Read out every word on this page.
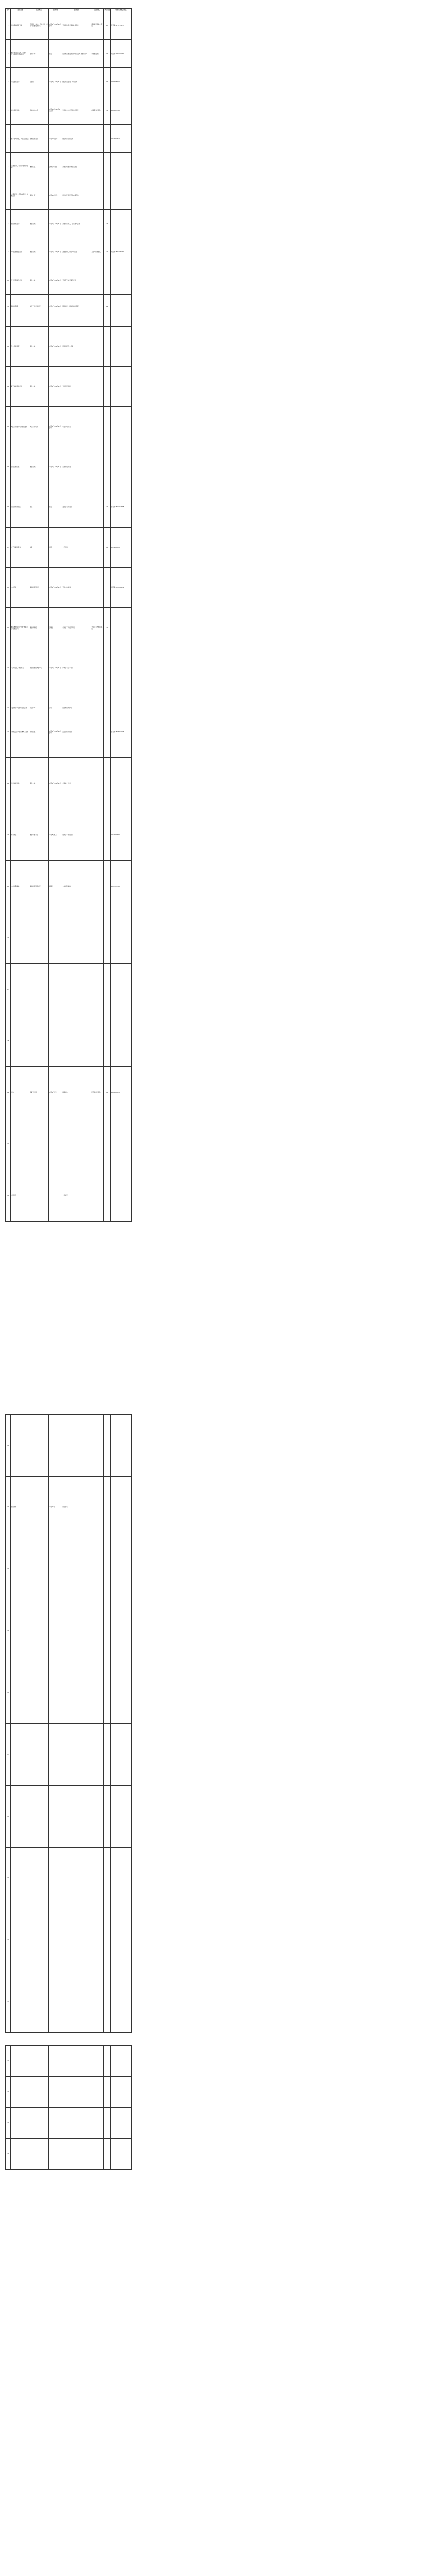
序号	活动主题	活动地点	活动时间	活动简介	活动团队	参与人数	联系人及联系方式
1	党的理论政策宣讲	百乡镇（各村）、百桂社区（社区）党群服务中心	10月1日—10月30日上午	开展党的科学理论政策宣讲	理论政策宣讲志愿队	120	张某某 13797554757
2	湘乡市“党员走城、志愿同行”志愿服务活动启动	富祥广场	待定	启动市志愿服务品牌“党员走城·志愿同行”	市志愿服务队	100	刘某某 13797400652
3	平安建设活动	百乡镇	10月7日—10月31日	结合平安建设，开展宣传		200	13786225766
4	法治宣传活动	全市各中小学	10月15日—10月30日上午	对全市中小学开展法治宣传	法律服务志愿队	40	13786225766
5	携手参与防暴，共创美好生活	镇市街道社区	10月17日上午	做好防暴宣传工作			14775224882
6	“心理疏导，筑牢心理防线”活动	增塘社区	工作日每周五	开展心理健康讲座及疏导			
7	“心理疏导，筑牢心理防线”主题活动	家乡社区	10月19日上午	面向社区居民开展心理咨询			
8	重阳敬老活动	湘乡全域	10月1日—10月31日	开展关爱老人、走访慰问活动		23	
9	环境卫生整治活动	湘乡全域	10月1日—10月31日	清洁乡村，整治环境卫生	卫生环保志愿队	20	刘某某 15872251762
10	空气质量提升行动	湘乡全域	10月1日—10月31日	开展空气质量提升宣传			
11	网格化管理	城区王洋家园小区	10月7日—10月29日	网格巡查，城市网格化管理		168	
12	卫生死角清理	湘乡全域	10月1日—10月31日	组织清理卫生死角			
13	藏天文货窗控行动	湘乡全域	10月1日—10月31日	宣传环保知识			
14	城区公共服务场所志愿服务	城区公共场所	10月1日—10月31日上午	引导文明行为			
15	餐前垃圾分类	湘乡全域	10月1日—10月31日	宣传垃圾分类			
16	文化艺术进社区	待定	待定	文化艺术进社区		20	曾某某 18973228655
17	文艺下基层服务	待定	待定	文艺汇演		20	18973228655
18	公益培训	镇湘楼街道社区	10月1日—10月31日	开展公益培训			刘某某 15873314259
19	湘乡博物馆文化开展“书海寻宝”主题活动	湘乡博物馆	每周五	每周五下午组织开展	文化艺术志愿服务队	40	
20	“心灵家园，快乐成长”	龙洞镇悠悠城镇中心	10月1日—10月31日	户外读书亲子活动			
21	“发现湘乡”短视频征集活动	线上参与	每天	征集短视频作品			
22	“新美法治季”长征精神入校园	水府庙镇	10月1日—10月20日上午	法治宣传进校园			彭某某 15975932506
23	儿童关爱活动	湘乡全域	10月1日—10月31日	关爱留守儿童			
24	周末趣读	湘乡市图书馆	10月8日晚上	周末亲子阅读活动			13773229855
25	公益电影播映	镇湘楼街道各社区	每周六	公益电影播映			15197245766
26							
27							
28							
29	义诊	各镇卫生院	10月1日上午	健康义诊	医疗健康志愿队	20	13786226276
30							
31	文明劝导			文明劝导			
32							
33	重阳敬老		10月26日	重阳敬老			
34							
35							
36							
37							
38							
39							
40							
41							
42							
43							
44							
45							
